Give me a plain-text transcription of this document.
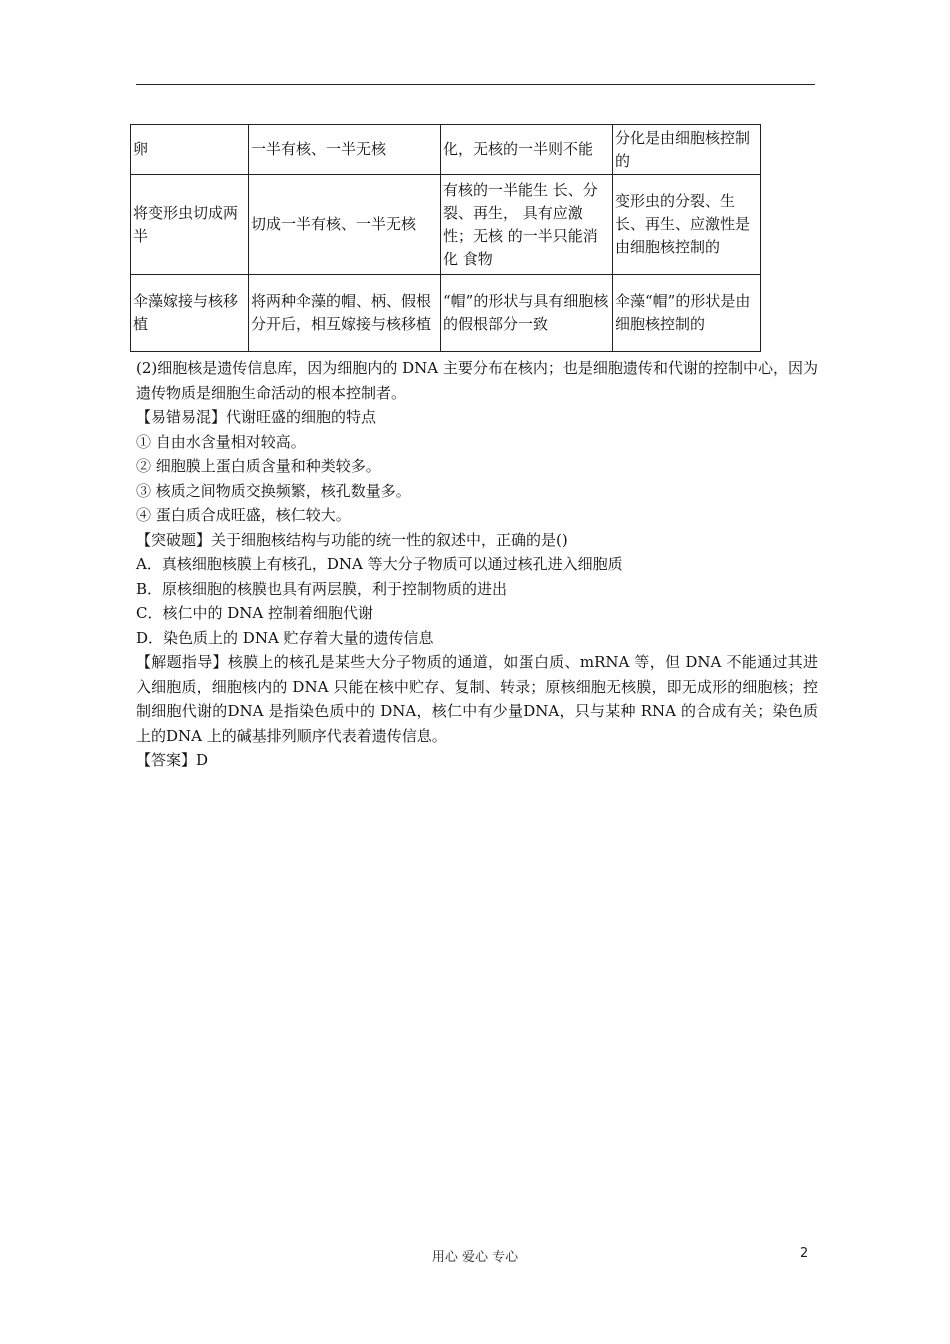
卵	一半有核、一半无核	化，无核的一半则不能	分化是由细胞核控制的
将变形虫切成两半	切成一半有核、一半无核	有核的一半能生 长、分裂、再生， 具有应激性；无核 的一半只能消化 食物	变形虫的分裂、生长、再生、应激性是由细胞核控制的
伞藻嫁接与核移植	将两种伞藻的帽、柄、假根分开后，相互嫁接与核移植	“帽”的形状与具有细胞核的假根部分一致	伞藻“帽”的形状是由细胞核控制的

(2)细胞核是遗传信息库，因为细胞内的 DNA 主要分布在核内；也是细胞遗传和代谢的控制中心，因为遗传物质是细胞生命活动的根本控制者。

【易错易混】代谢旺盛的细胞的特点

① 自由水含量相对较高。

② 细胞膜上蛋白质含量和种类较多。

③ 核质之间物质交换频繁，核孔数量多。

④ 蛋白质合成旺盛，核仁较大。

【突破题】关于细胞核结构与功能的统一性的叙述中，正确的是()

A．真核细胞核膜上有核孔，DNA 等大分子物质可以通过核孔进入细胞质

B．原核细胞的核膜也具有两层膜，利于控制物质的进出

C．核仁中的 DNA 控制着细胞代谢

D．染色质上的 DNA 贮存着大量的遗传信息

【解题指导】核膜上的核孔是某些大分子物质的通道，如蛋白质、mRNA 等，但 DNA 不能通过其进入细胞质，细胞核内的 DNA 只能在核中贮存、复制、转录；原核细胞无核膜，即无成形的细胞核；控制细胞代谢的DNA 是指染色质中的 DNA，核仁中有少量DNA，只与某种 RNA 的合成有关；染色质上的DNA 上的碱基排列顺序代表着遗传信息。

【答案】D

用心 爱心 专心	2
